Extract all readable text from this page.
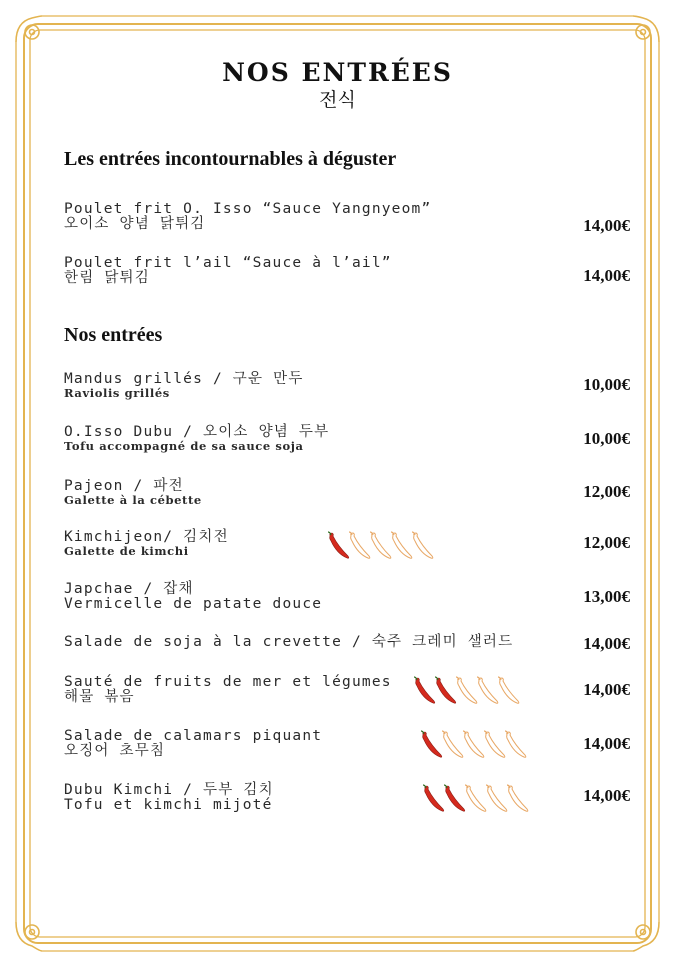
NOS ENTRÉES
전식
Les entrées incontournables à déguster
Poulet frit O. Isso “Sauce Yangnyeom”
오이소 양념 닭튀김	14,00€
Poulet frit l’ail “Sauce à l’ail”
한림 닭튀김	14,00€
Nos entrées
Mandus grillés / 구운 만두
Raviolis grillés	10,00€
O.Isso Dubu / 오이소 양념 두부
Tofu accompagné de sa sauce soja	10,00€
Pajeon / 파전
Galette à la cébette	12,00€
Kimchijeon/ 김치전
Galette de kimchi	12,00€
Japchae / 잡채
Vermicelle de patate douce	13,00€
Salade de soja à la crevette / 숙주 크레미 샐러드	14,00€
Sauté de fruits de mer et légumes
해물 볶음	14,00€
Salade de calamars piquant
오징어 초무침	14,00€
Dubu Kimchi / 두부 김치
Tofu et kimchi mijoté	14,00€
